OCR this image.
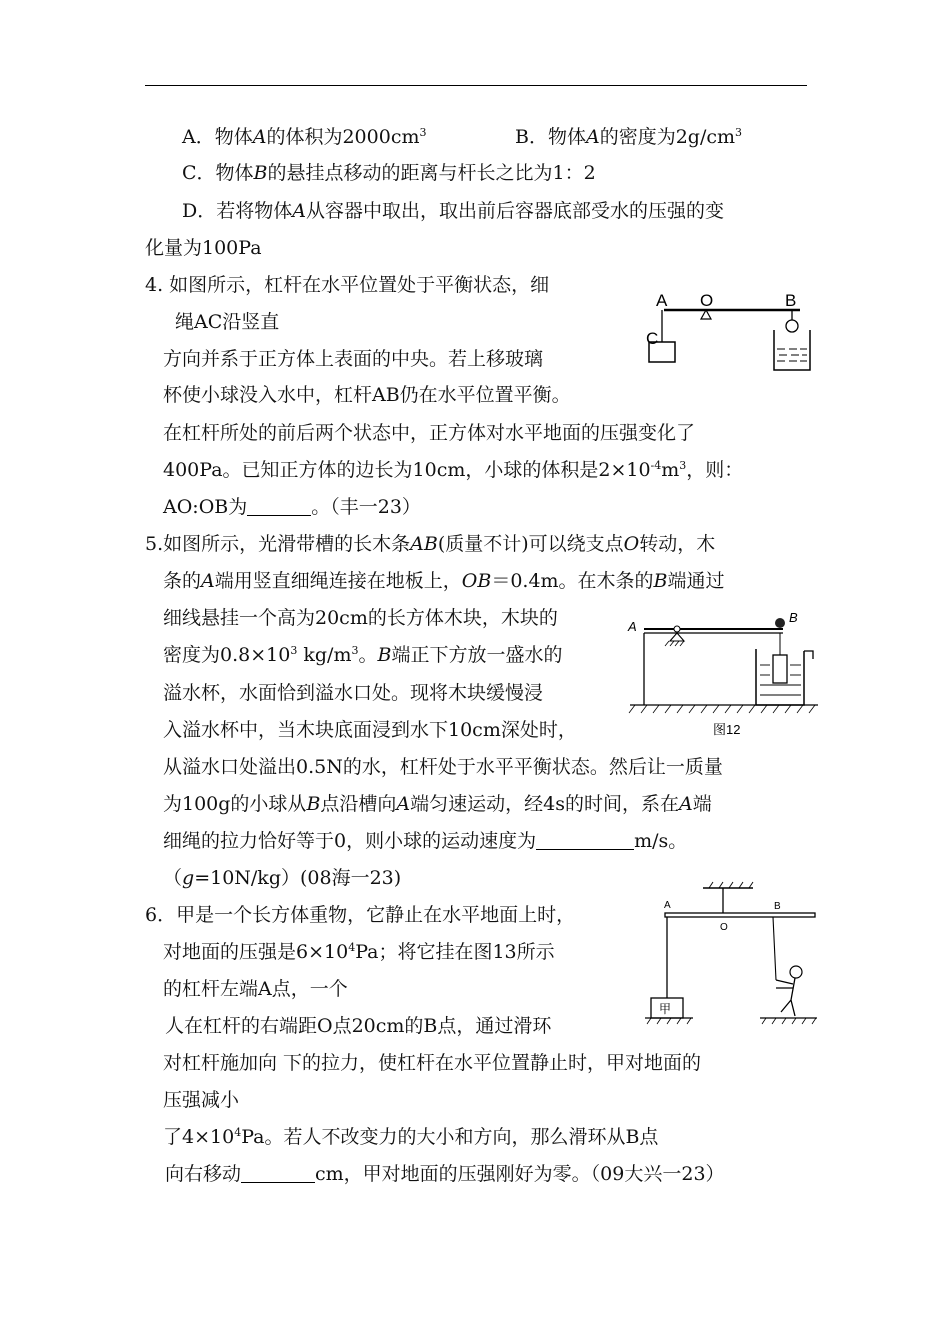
A．物体A的体积为$2000cm^3$	B．物体A的密度为$2g/cm^3$
C．物体B的悬挂点移动的距离与杆长之比为1：2
D．若将物体A从容器中取出，取出前后容器底部受水的压强的变
化量为100Pa
4. 如图所示，杠杆在水平位置处于平衡状态，细
绳AC沿竖直
方向并系于正方体上表面的中央。若上移玻璃
杯使小球没入水中，杠杆AB仍在水平位置平衡。
在杠杆所处的前后两个状态中，正方体对水平地面的压强变化了
400Pa。已知正方体的边长为10cm，小球的体积是$2\times 10^{-4}m^3$，则：
AO:OB为	。（丰一23）
A O	B
C
5.如图所示，光滑带槽的长木条AB(质量不计)可以绕支点O转动，木
条的A端用竖直细绳连接在地板上，OB＝0.4m。在木条的B端通过
细线悬挂一个高为20cm的长方体木块，木块的
密度为$0.8\times 10^3$ $kg/m^3$。B端正下方放一盛水的
溢水杯，水面恰到溢水口处。现将木块缓慢浸
入溢水杯中，当木块底面浸到水下10cm深处时，
从溢水口处溢出0.5N的水，杠杆处于水平平衡状态。然后让一质量
为100g的小球从B点沿槽向A端匀速运动，经4s的时间，系在A端
细绳的拉力恰好等于0，则小球的运动速度为	m/s。
（g=10N/kg）(08海一23)
A
B
图12
6．甲是一个长方体重物，它静止在水平地面上时，
对地面的压强是$6\times 10^4Pa$；将它挂在图13所示
的杠杆左端A点，一个
人在杠杆的右端距O点20cm的B点，通过滑环
对杠杆施加向 下的拉力，使杠杆在水平位置静止时，甲对地面的
压强减小
了$4\times 10^4Pa$。若人不改变力的大小和方向，那么滑环从B点
向右移动	cm，甲对地面的压强刚好为零。（09大兴一23）
A
O
B
甲
